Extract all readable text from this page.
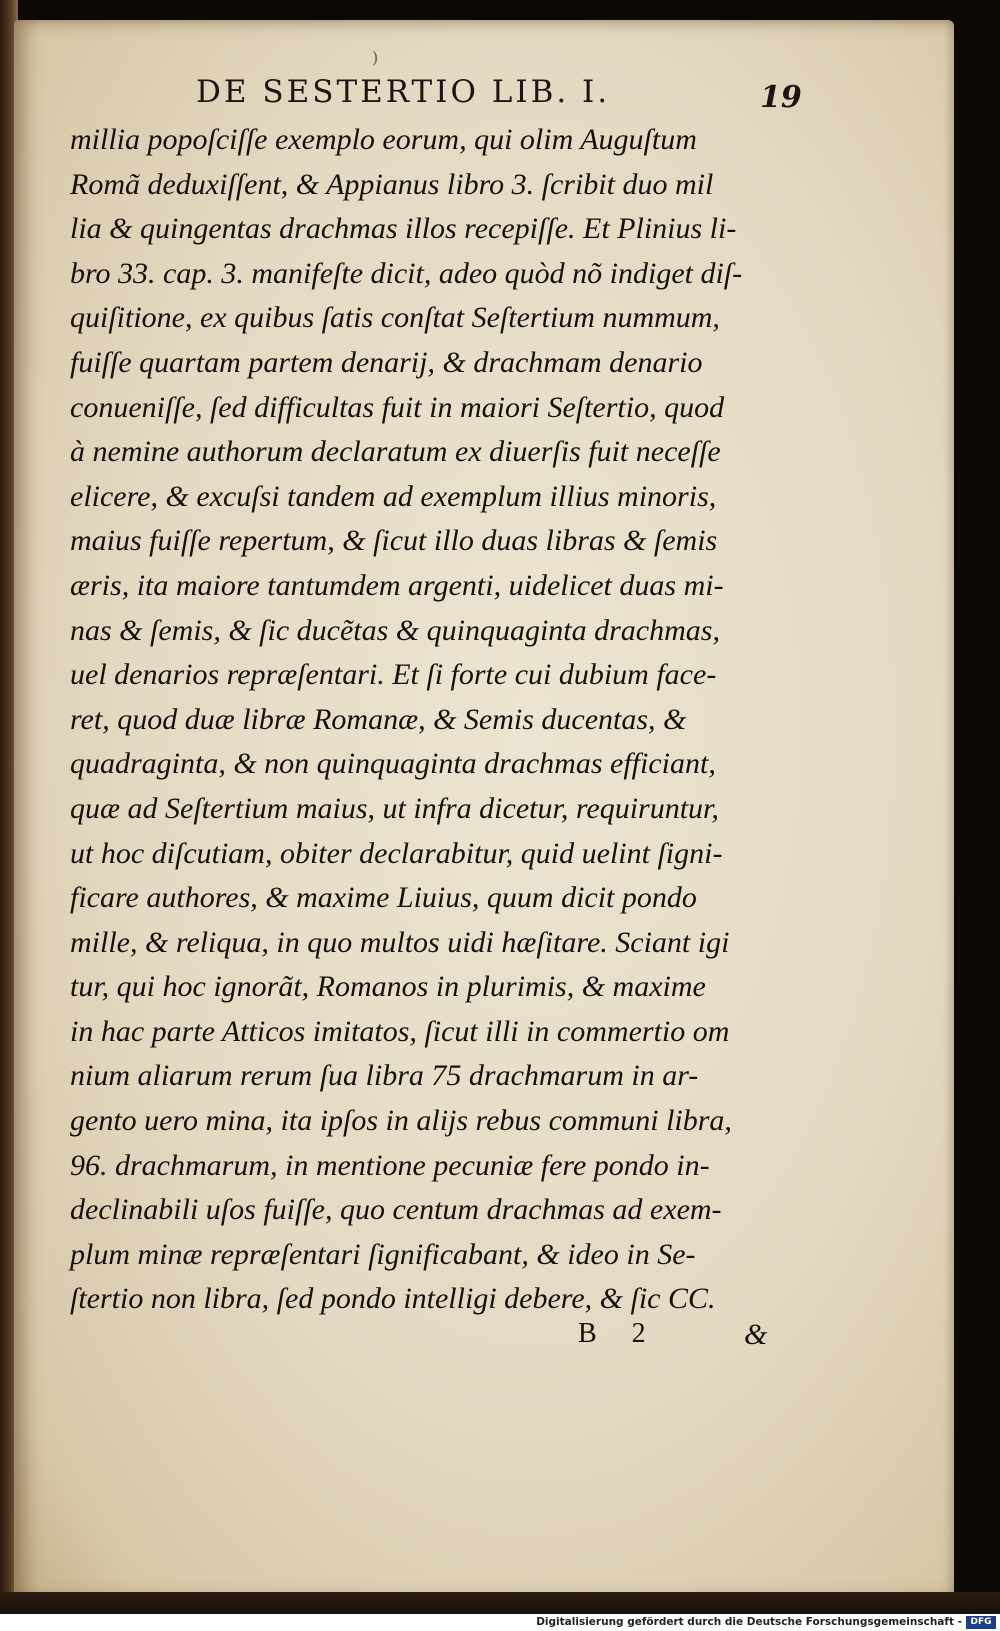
)
DE SESTERTIO LIB. I.	19
millia popoſciſſe exemplo eorum, qui olim Auguſtum
Romã deduxiſſent, & Appianus libro 3. ſcribit duo mil
lia & quingentas drachmas illos recepiſſe. Et Plinius li-
bro 33. cap. 3. manifeſte dicit, adeo quòd nõ indiget diſ-
quiſitione, ex quibus ſatis conſtat Seſtertium nummum,
fuiſſe quartam partem denarij, & drachmam denario
conueniſſe, ſed difficultas fuit in maiori Seſtertio, quod
à nemine authorum declaratum ex diuerſis fuit neceſſe
elicere, & excuſsi tandem ad exemplum illius minoris,
maius fuiſſe repertum, & ſicut illo duas libras & ſemis
æris, ita maiore tantumdem argenti, uidelicet duas mi-
nas & ſemis, & ſic ducẽtas & quinquaginta drachmas,
uel denarios repræſentari. Et ſi forte cui dubium face-
ret, quod duæ libræ Romanæ, & Semis ducentas, &
quadraginta, & non quinquaginta drachmas efficiant,
quæ ad Seſtertium maius, ut infra dicetur, requiruntur,
ut hoc diſcutiam, obiter declarabitur, quid uelint ſigni-
ficare authores, & maxime Liuius, quum dicit pondo
mille, & reliqua, in quo multos uidi hæſitare. Sciant igi
tur, qui hoc ignorãt, Romanos in plurimis, & maxime
in hac parte Atticos imitatos, ſicut illi in commertio om
nium aliarum rerum ſua libra 75 drachmarum in ar-
gento uero mina, ita ipſos in alijs rebus communi libra,
96. drachmarum, in mentione pecuniæ fere pondo in-
declinabili uſos fuiſſe, quo centum drachmas ad exem-
plum minæ repræſentari ſignificabant, & ideo in Se-
ſtertio non libra, ſed pondo intelligi debere, & ſic CC.
B 2	&
Digitalisierung gefördert durch die Deutsche Forschungsgemeinschaft - DFG
